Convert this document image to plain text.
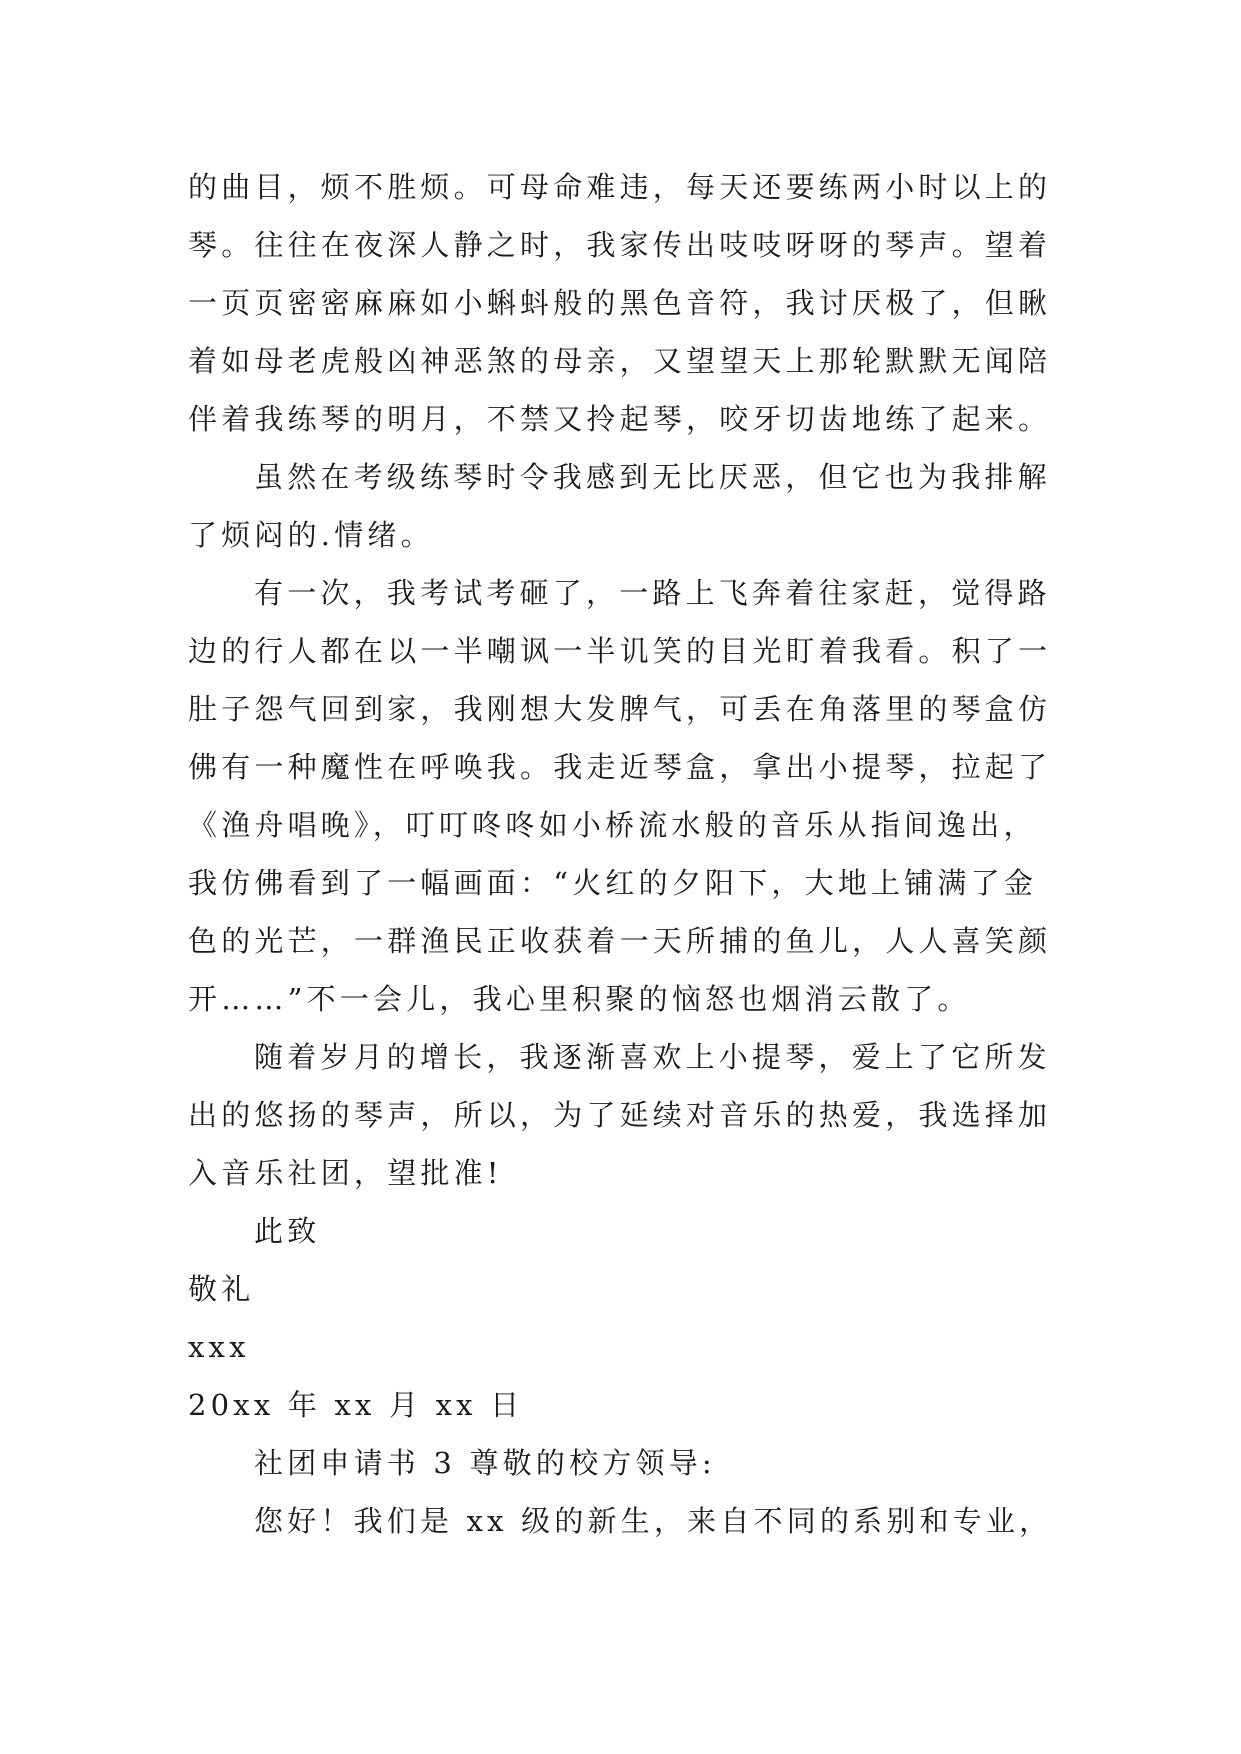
的曲目，烦不胜烦。可母命难违，每天还要练两小时以上的
琴。往往在夜深人静之时，我家传出吱吱呀呀的琴声。望着
一页页密密麻麻如小蝌蚪般的黑色音符，我讨厌极了，但瞅
着如母老虎般凶神恶煞的母亲，又望望天上那轮默默无闻陪
伴着我练琴的明月，不禁又拎起琴，咬牙切齿地练了起来。
虽然在考级练琴时令我感到无比厌恶，但它也为我排解
了烦闷的.情绪。
有一次，我考试考砸了，一路上飞奔着往家赶，觉得路
边的行人都在以一半嘲讽一半讥笑的目光盯着我看。积了一
肚子怨气回到家，我刚想大发脾气，可丢在角落里的琴盒仿
佛有一种魔性在呼唤我。我走近琴盒，拿出小提琴，拉起了
《渔舟唱晚》，叮叮咚咚如小桥流水般的音乐从指间逸出，
我仿佛看到了一幅画面：“火红的夕阳下，大地上铺满了金
色的光芒，一群渔民正收获着一天所捕的鱼儿，人人喜笑颜
开……”不一会儿，我心里积聚的恼怒也烟消云散了。
随着岁月的增长，我逐渐喜欢上小提琴，爱上了它所发
出的悠扬的琴声，所以，为了延续对音乐的热爱，我选择加
入音乐社团，望批准!
此致
敬礼
xxx
20xx 年 xx 月 xx 日
社团申请书 3 尊敬的校方领导:
您好！我们是 xx 级的新生，来自不同的系别和专业，
